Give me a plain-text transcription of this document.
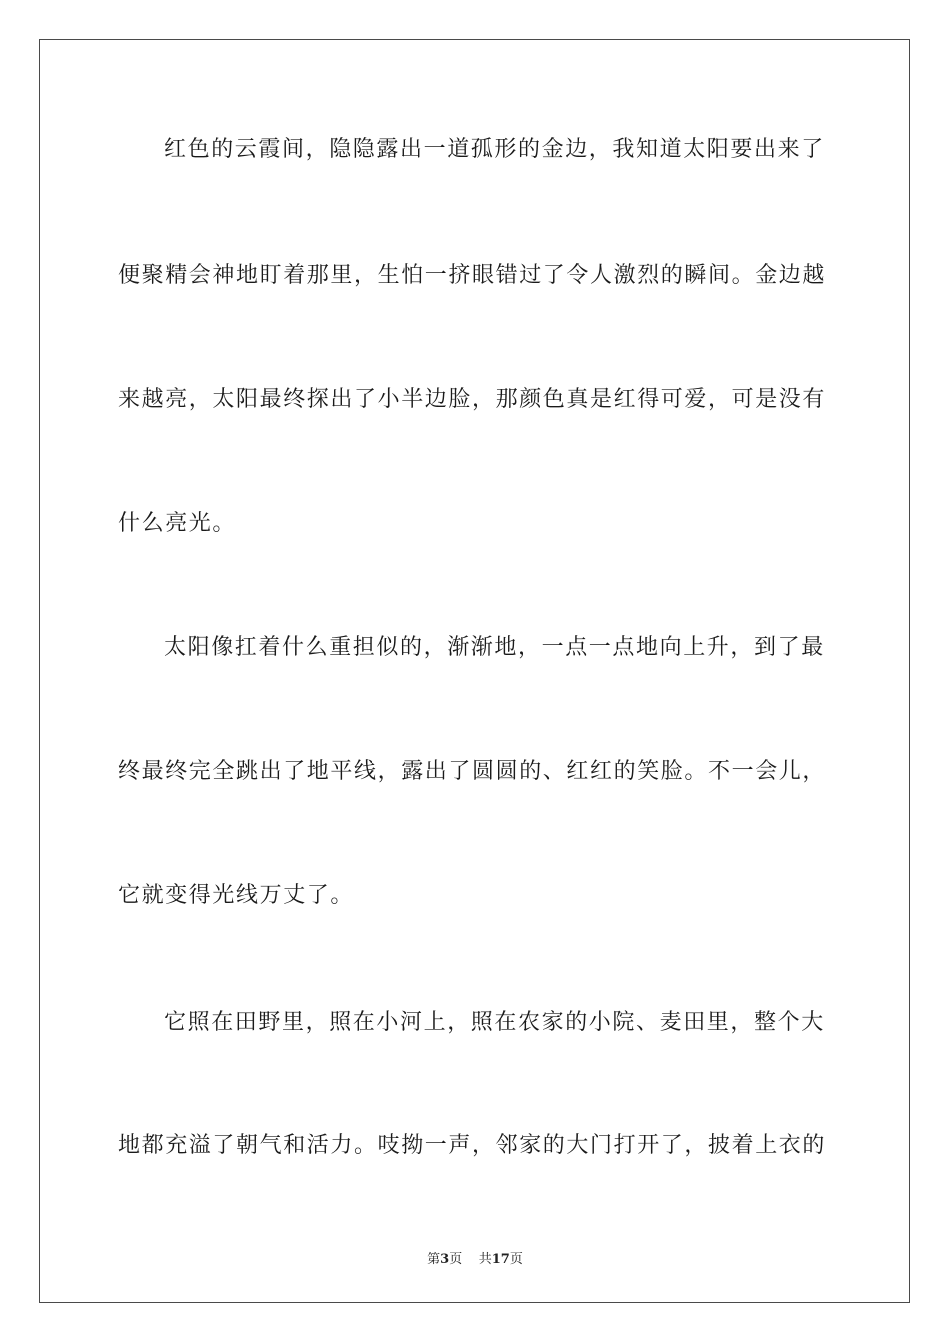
红色的云霞间，隐隐露出一道孤形的金边，我知道太阳要出来了
便聚精会神地盯着那里，生怕一挤眼错过了令人激烈的瞬间。金边越
来越亮，太阳最终探出了小半边脸，那颜色真是红得可爱，可是没有
什么亮光。
太阳像扛着什么重担似的，渐渐地，一点一点地向上升，到了最
终最终完全跳出了地平线，露出了圆圆的、红红的笑脸。不一会儿，
它就变得光线万丈了。
它照在田野里，照在小河上，照在农家的小院、麦田里，整个大
地都充溢了朝气和活力。吱拗一声，邻家的大门打开了，披着上衣的
第3页 共17页
